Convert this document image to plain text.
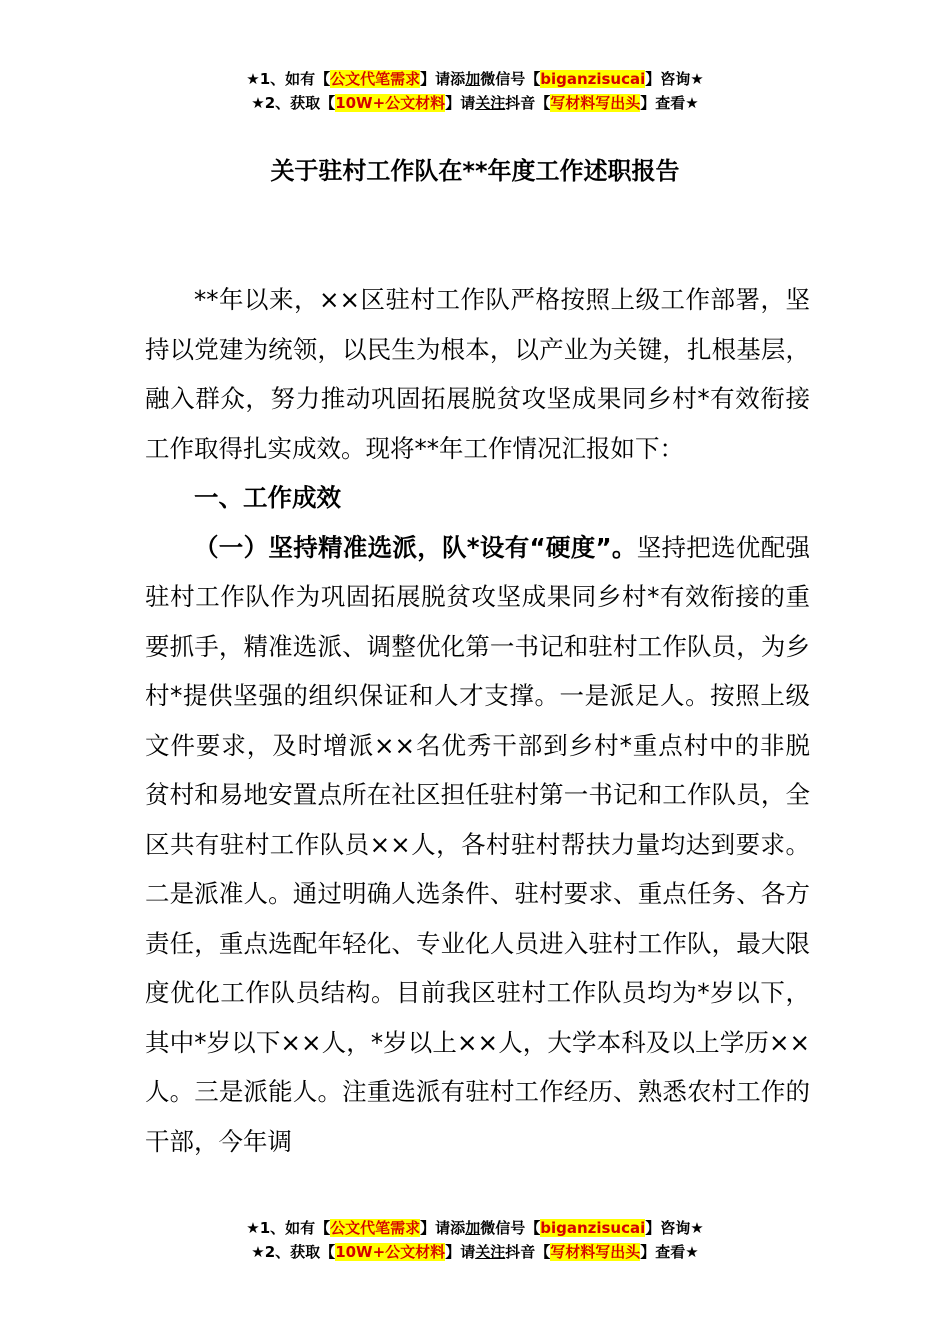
★1、如有【公文代笔需求】请添加微信号【biganzisucai】咨询★
★2、获取【10W+公文材料】请关注抖音【写材料写出头】查看★
关于驻村工作队在**年度工作述职报告

**年以来，××区驻村工作队严格按照上级工作部署，坚持以党建为统领，以民生为根本，以产业为关键，扎根基层，融入群众，努力推动巩固拓展脱贫攻坚成果同乡村*有效衔接工作取得扎实成效。现将**年工作情况汇报如下：

一、工作成效

（一）坚持精准选派，队*设有“硬度”。坚持把选优配强驻村工作队作为巩固拓展脱贫攻坚成果同乡村*有效衔接的重要抓手，精准选派、调整优化第一书记和驻村工作队员，为乡村*提供坚强的组织保证和人才支撑。一是派足人。按照上级文件要求，及时增派××名优秀干部到乡村*重点村中的非脱贫村和易地安置点所在社区担任驻村第一书记和工作队员，全区共有驻村工作队员××人，各村驻村帮扶力量均达到要求。二是派准人。通过明确人选条件、驻村要求、重点任务、各方责任，重点选配年轻化、专业化人员进入驻村工作队，最大限度优化工作队员结构。目前我区驻村工作队员均为*岁以下，其中*岁以下××人，*岁以上××人，大学本科及以上学历××人。三是派能人。注重选派有驻村工作经历、熟悉农村工作的干部，今年调

★1、如有【公文代笔需求】请添加微信号【biganzisucai】咨询★
★2、获取【10W+公文材料】请关注抖音【写材料写出头】查看★
